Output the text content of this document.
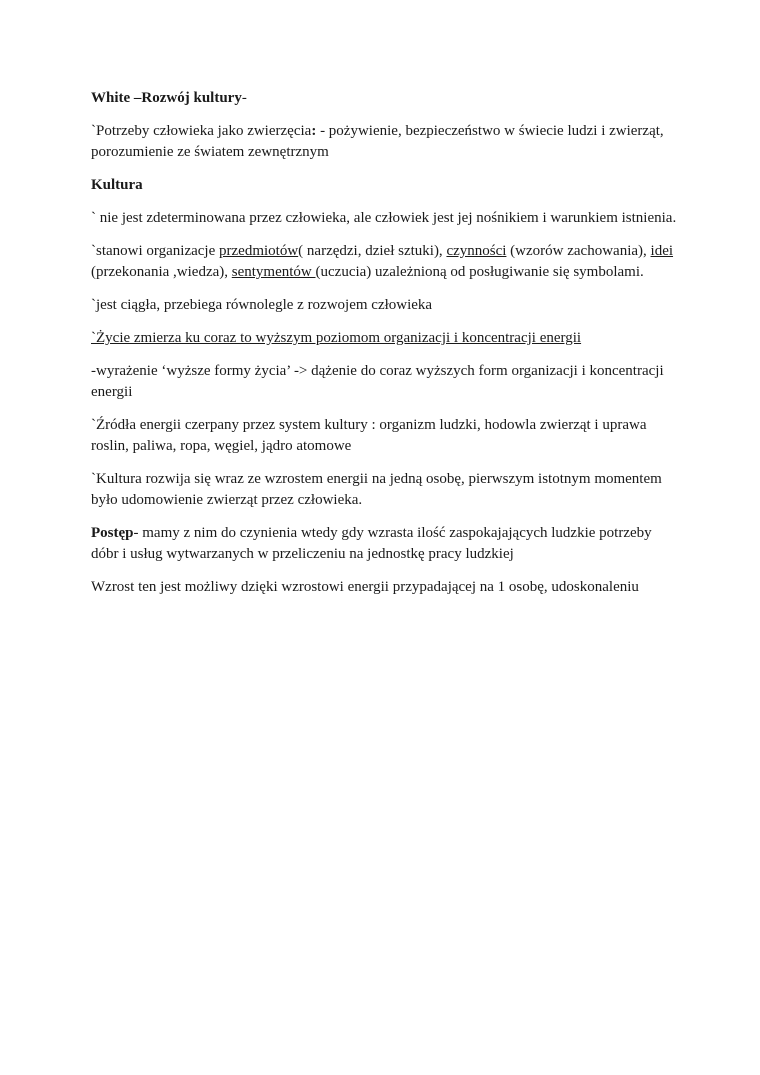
White –Rozwój kultury-

`Potrzeby człowieka jako zwierzęcia: - pożywienie, bezpieczeństwo w świecie ludzi i zwierząt, porozumienie ze światem zewnętrznym

Kultura

` nie jest zdeterminowana przez człowieka, ale człowiek jest jej nośnikiem i warunkiem istnienia.

`stanowi organizacje przedmiotów( narzędzi, dzieł sztuki), czynności (wzorów zachowania), idei (przekonania ,wiedza), sentymentów (uczucia) uzależnioną od posługiwanie się symbolami.

`jest ciągła, przebiega równolegle z rozwojem człowieka

`Życie zmierza ku coraz to wyższym poziomom organizacji i koncentracji energii

-wyrażenie ‘wyższe formy życia’ -> dążenie do coraz wyższych form organizacji i koncentracji energii

`Źródła energii czerpany przez system kultury : organizm ludzki, hodowla zwierząt i uprawa roslin, paliwa, ropa, węgiel, jądro atomowe

`Kultura rozwija się wraz ze wzrostem energii na jedną osobę, pierwszym istotnym momentem było udomowienie zwierząt przez człowieka.

Postęp- mamy z nim do czynienia wtedy gdy wzrasta ilość zaspokajających ludzkie potrzeby dóbr i usług wytwarzanych w przeliczeniu na jednostkę pracy ludzkiej

Wzrost ten jest możliwy dzięki wzrostowi energii przypadającej na 1 osobę, udoskonaleniu
